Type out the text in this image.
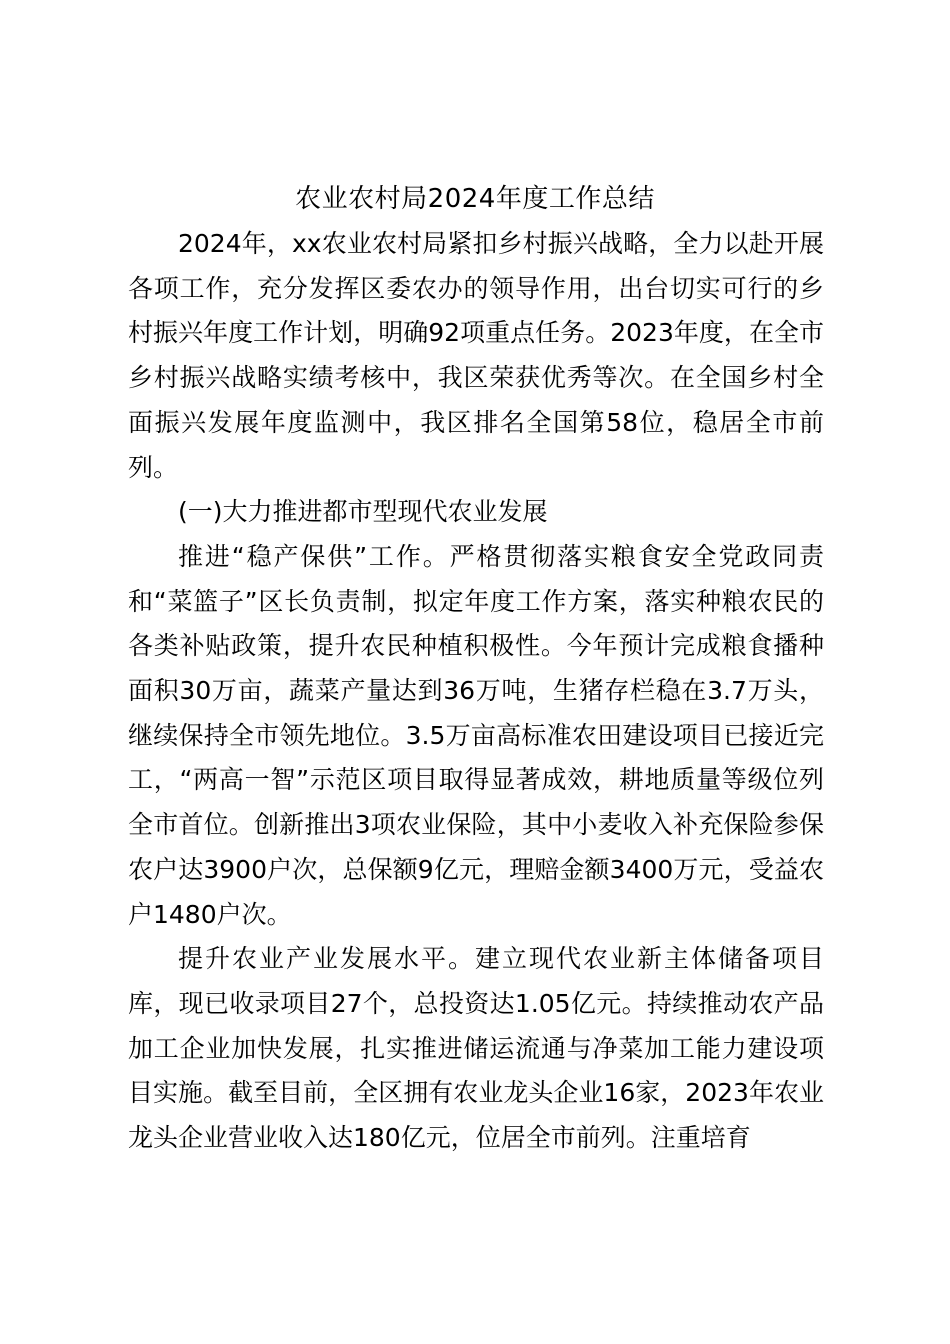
农业农村局2024年度工作总结

2024年，xx农业农村局紧扣乡村振兴战略，全力以赴开展各项工作，充分发挥区委农办的领导作用，出台切实可行的乡村振兴年度工作计划，明确92项重点任务。2023年度，在全市乡村振兴战略实绩考核中，我区荣获优秀等次。在全国乡村全面振兴发展年度监测中，我区排名全国第58位，稳居全市前列。

(一)大力推进都市型现代农业发展

推进“稳产保供”工作。严格贯彻落实粮食安全党政同责和“菜篮子”区长负责制，拟定年度工作方案，落实种粮农民的各类补贴政策，提升农民种植积极性。今年预计完成粮食播种面积30万亩，蔬菜产量达到36万吨，生猪存栏稳在3.7万头，继续保持全市领先地位。3.5万亩高标准农田建设项目已接近完工，“两高一智”示范区项目取得显著成效，耕地质量等级位列全市首位。创新推出3项农业保险，其中小麦收入补充保险参保农户达3900户次，总保额9亿元，理赔金额3400万元，受益农户1480户次。

提升农业产业发展水平。建立现代农业新主体储备项目库，现已收录项目27个，总投资达1.05亿元。持续推动农产品加工企业加快发展，扎实推进储运流通与净菜加工能力建设项目实施。截至目前，全区拥有农业龙头企业16家，2023年农业龙头企业营业收入达180亿元，位居全市前列。注重培育
